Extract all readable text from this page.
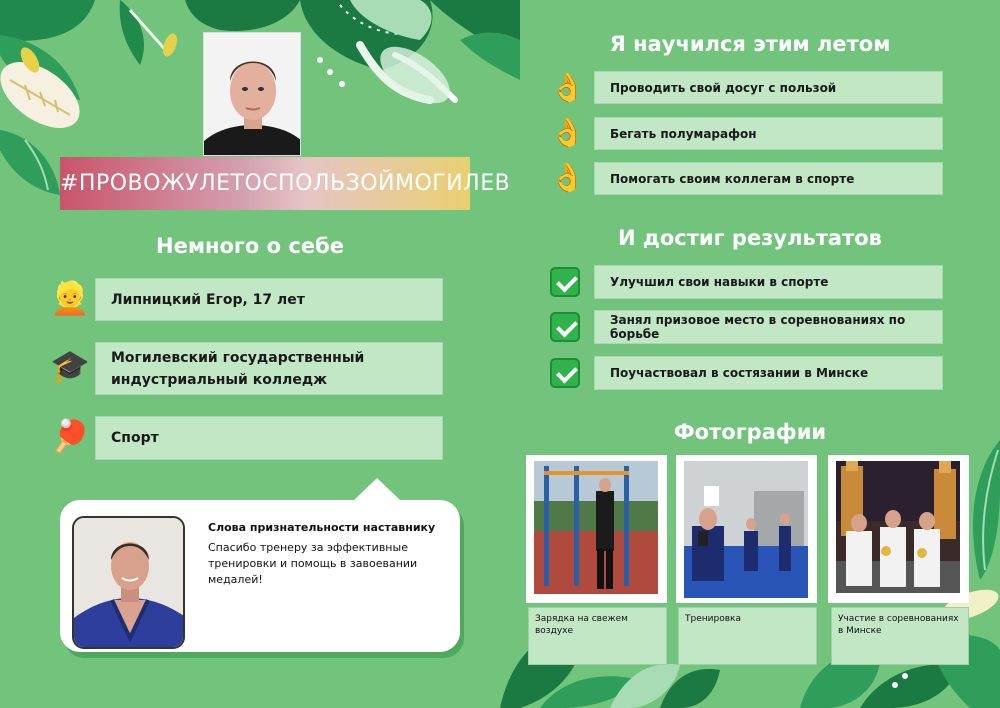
#ПРОВОЖУЛЕТОСПОЛЬЗОЙМОГИЛЕВ
Немного о себе
👱 Липницкий Егор, 17 лет
🎓 Могилевский государственный
индустриальный колледж
🏓 Спорт
Слова признательности наставнику
Спасибо тренеру за эффективные тренировки и помощь в завоевании медалей!
Я научился этим летом
👌 Проводить свой досуг с пользой
👌 Бегать полумарафон
👌 Помогать своим коллегам в спорте
И достиг результатов
Улучшил свои навыки в спорте
Занял призовое место в соревнованиях по борьбе
Поучаствовал в состязании в Минске
Фотографии
Зарядка на свежем воздухе
Тренировка	Участие в соревнованиях в Минске
